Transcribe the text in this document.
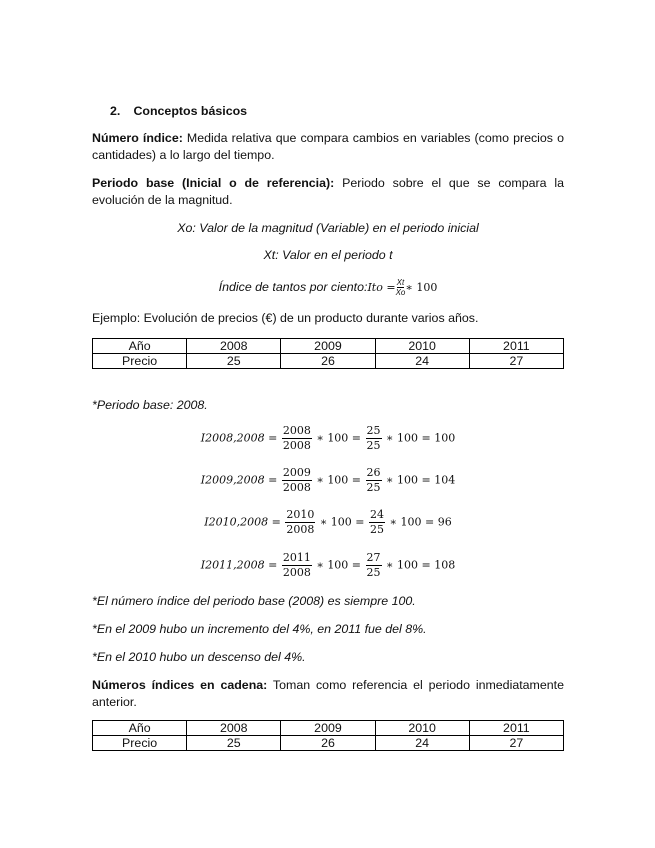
2. Conceptos básicos
Número índice: Medida relativa que compara cambios en variables (como precios o cantidades) a lo largo del tiempo.
Periodo base (Inicial o de referencia): Periodo sobre el que se compara la evolución de la magnitud.
Xo: Valor de la magnitud (Variable) en el periodo inicial
Xt: Valor en el periodo t
Índice de tantos por ciento: Ito = $\frac{Xt}{Xo}$ ∗ 100
Ejemplo: Evolución de precios (€) de un producto durante varios años.
Año	2008	2009	2010	2011
Precio	25	26	24	27
*Periodo base: 2008.
$I2008,2008 = \frac{2008}{2008}$ ∗ $100 = \frac{25}{25}$ ∗ 100 = 100
$I2009,2008 = \frac{2009}{2008}$ ∗ $100 = \frac{26}{25}$ ∗ 100 = 104
$I2010,2008 = \frac{2010}{2008}$ ∗ $100 = \frac{24}{25}$ ∗ 100 = 96
$I2011,2008 = \frac{2011}{2008}$ ∗ $100 = \frac{27}{25}$ ∗ 100 = 108
*El número índice del periodo base (2008) es siempre 100.
*En el 2009 hubo un incremento del 4%, en 2011 fue del 8%.
*En el 2010 hubo un descenso del 4%.
Números índices en cadena: Toman como referencia el periodo inmediatamente anterior.
Año	2008	2009	2010	2011
Precio	25	26	24	27
